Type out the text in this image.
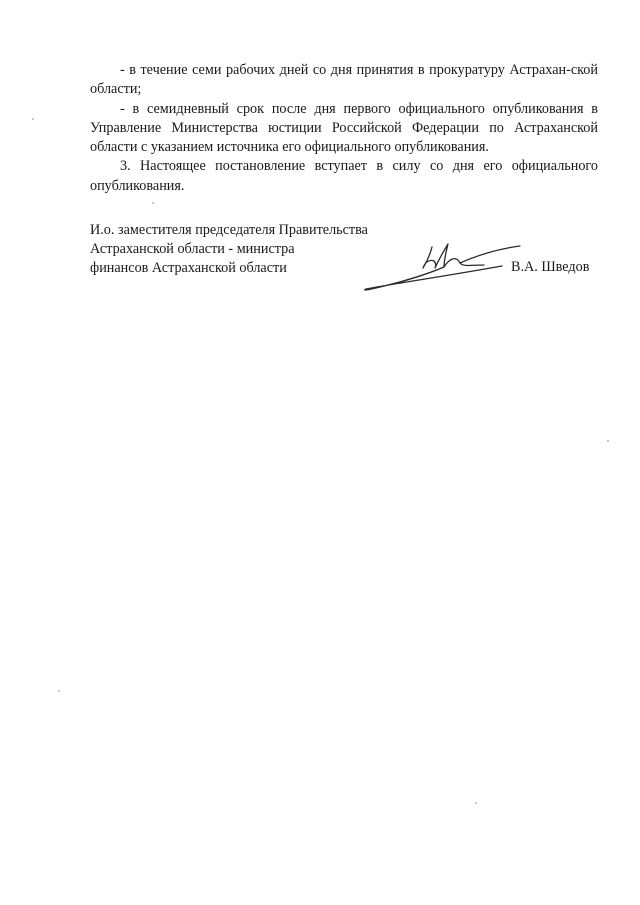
- в течение семи рабочих дней со дня принятия в прокуратуру Астрахан-ской области;

- в семидневный срок после дня первого официального опубликования в Управление Министерства юстиции Российской Федерации по Астраханской области с указанием источника его официального опубликования.

3. Настоящее постановление вступает в силу со дня его официального опубликования.

И.о. заместителя председателя Правительства
Астраханской области - министра
финансов Астраханской области	В.А. Шведов
